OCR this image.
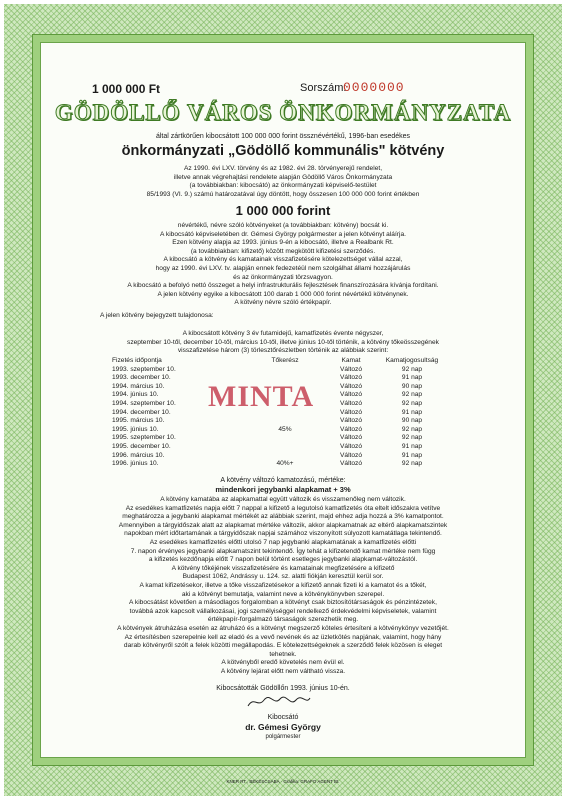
1 000 000 Ft	Sorszám:
0000000
GÖDÖLLŐ VÁROS ÖNKORMÁNYZATA
által zártkörűen kibocsátott 100 000 000 forint össznévértékű, 1996-ban esedékes
önkormányzati „Gödöllő kommunális" kötvény

Az 1990. évi LXV. törvény és az 1982. évi 28. törvényerejű rendelet,

illetve annak végrehajtási rendelete alapján Gödöllő Város Önkormányzata

(a továbbiakban: kibocsátó) az önkormányzati képviselő-testület

85/1993 (VI. 9.) számú határozatával úgy döntött, hogy összesen 100 000 000 forint értékben

1 000 000 forint

névértékű, névre szóló kötvényeket (a továbbiakban: kötvény) bocsát ki.

A kibocsátó képviseletében dr. Gémesi György polgármester a jelen kötvényt aláírja.

Ezen kötvény alapja az 1993. június 9-én a kibocsátó, illetve a Realbank Rt.

(a továbbiakban: kifizető) között megkötött kifizetési szerződés.

A kibocsátó a kötvény és kamatainak visszafizetésére kötelezettséget vállal azzal,

hogy az 1990. évi LXV. tv. alapján ennek fedezetéül nem szolgálhat állami hozzájárulás

és az önkormányzati törzsvagyon.

A kibocsátó a befolyó nettó összeget a helyi infrastrukturális fejlesztések finanszírozására kívánja fordítani.

A jelen kötvény egyike a kibocsátott 100 darab 1 000 000 forint névértékű kötvénynek.

A kötvény névre szóló értékpapír.

A jelen kötvény bejegyzett tulajdonosa:

A kibocsátott kötvény 3 év futamidejű, kamatfizetés évente négyszer,

szeptember 10-től, december 10-től, március 10-től, illetve június 10-től történik, a kötvény tőkeösszegének

visszafizetése három (3) törlesztőrészletben történik az alábbiak szerint:

Fizetés időpontja	Tőkerész	Kamat	Kamatjogosultság
1993. szeptember 10.		Változó	92 nap
1993. december 10.		Változó	91 nap
1994. március 10.		Változó	90 nap
1994. június 10.		Változó	92 nap
1994. szeptember 10.		Változó	92 nap
1994. december 10.		Változó	91 nap
1995. március 10.		Változó	90 nap
1995. június 10.	45%	Változó	92 nap
1995. szeptember 10.		Változó	92 nap
1995. december 10.		Változó	91 nap
1996. március 10.		Változó	91 nap
1996. június 10.	40%+	Változó	92 nap
MINTA
A kötvény változó kamatozású, mértéke:
mindenkori jegybanki alapkamat + 3%

A kötvény kamatába az alapkamattal együtt változik és visszamenőleg nem változik.

Az esedékes kamatfizetés napja előtt 7 nappal a kifizető a legutolsó kamatfizetés óta eltelt időszakra vetítve

meghatározza a jegybanki alapkamat mértékét az alábbiak szerint, majd ehhez adja hozzá a 3% kamatpontot.

Amennyiben a tárgyidőszak alatt az alapkamat mértéke változik, akkor alapkamatnak az eltérő alapkamatszintek

napokban mért időtartamának a tárgyidőszak napjai számához viszonyított súlyozott kamatátlaga tekintendő.

Az esedékes kamatfizetés előtti utolsó 7 nap jegybanki alapkamatának a kamatfizetés előtti

7. napon érvényes jegybanki alapkamatszint tekintendő. Így tehát a kifizetendő kamat mértéke nem függ

a kifizetés kezdőnapja előtt 7 napon belül történt esetleges jegybanki alapkamat-változástól.

A kötvény tőkéjének visszafizetésére és kamatainak megfizetésére a kifizető

Budapest 1062, Andrássy u. 124. sz. alatti fiókján keresztül kerül sor.

A kamat kifizetésekor, illetve a tőke visszafizetésekor a kifizető annak fizeti ki a kamatot és a tőkét,

aki a kötvényt bemutatja, valamint neve a kötvénykönyvben szerepel.

A kibocsátást követően a másodlagos forgalomban a kötvényt csak biztosítótársaságok és pénzintézetek,

továbbá azok kapcsolt vállalkozásai, jogi személyiséggel rendelkező érdekvédelmi képviseletek, valamint

értékpapír-forgalmazó társaságok szerezhetik meg.

A kötvények átruházása esetén az átruházó és a kötvényt megszerző köteles értesíteni a kötvénykönyv vezetőjét.

Az értesítésben szerepelnie kell az eladó és a vevő nevének és az üzletkötés napjának, valamint, hogy hány

darab kötvényről szólt a felek közötti megállapodás. E kötelezettségeknek a szerződő felek közösen is eleget

tehetnek.

A kötvényből eredő követelés nem évül el.

A kötvény lejárat előtt nem váltható vissza.

Kibocsátották Gödöllőn 1993. június 10-én.
Kibocsátó
dr. Gémesi György
polgármester
KNER RT., BÉKÉSCSABA · Grafika: GRAFO AGENT Bt.
